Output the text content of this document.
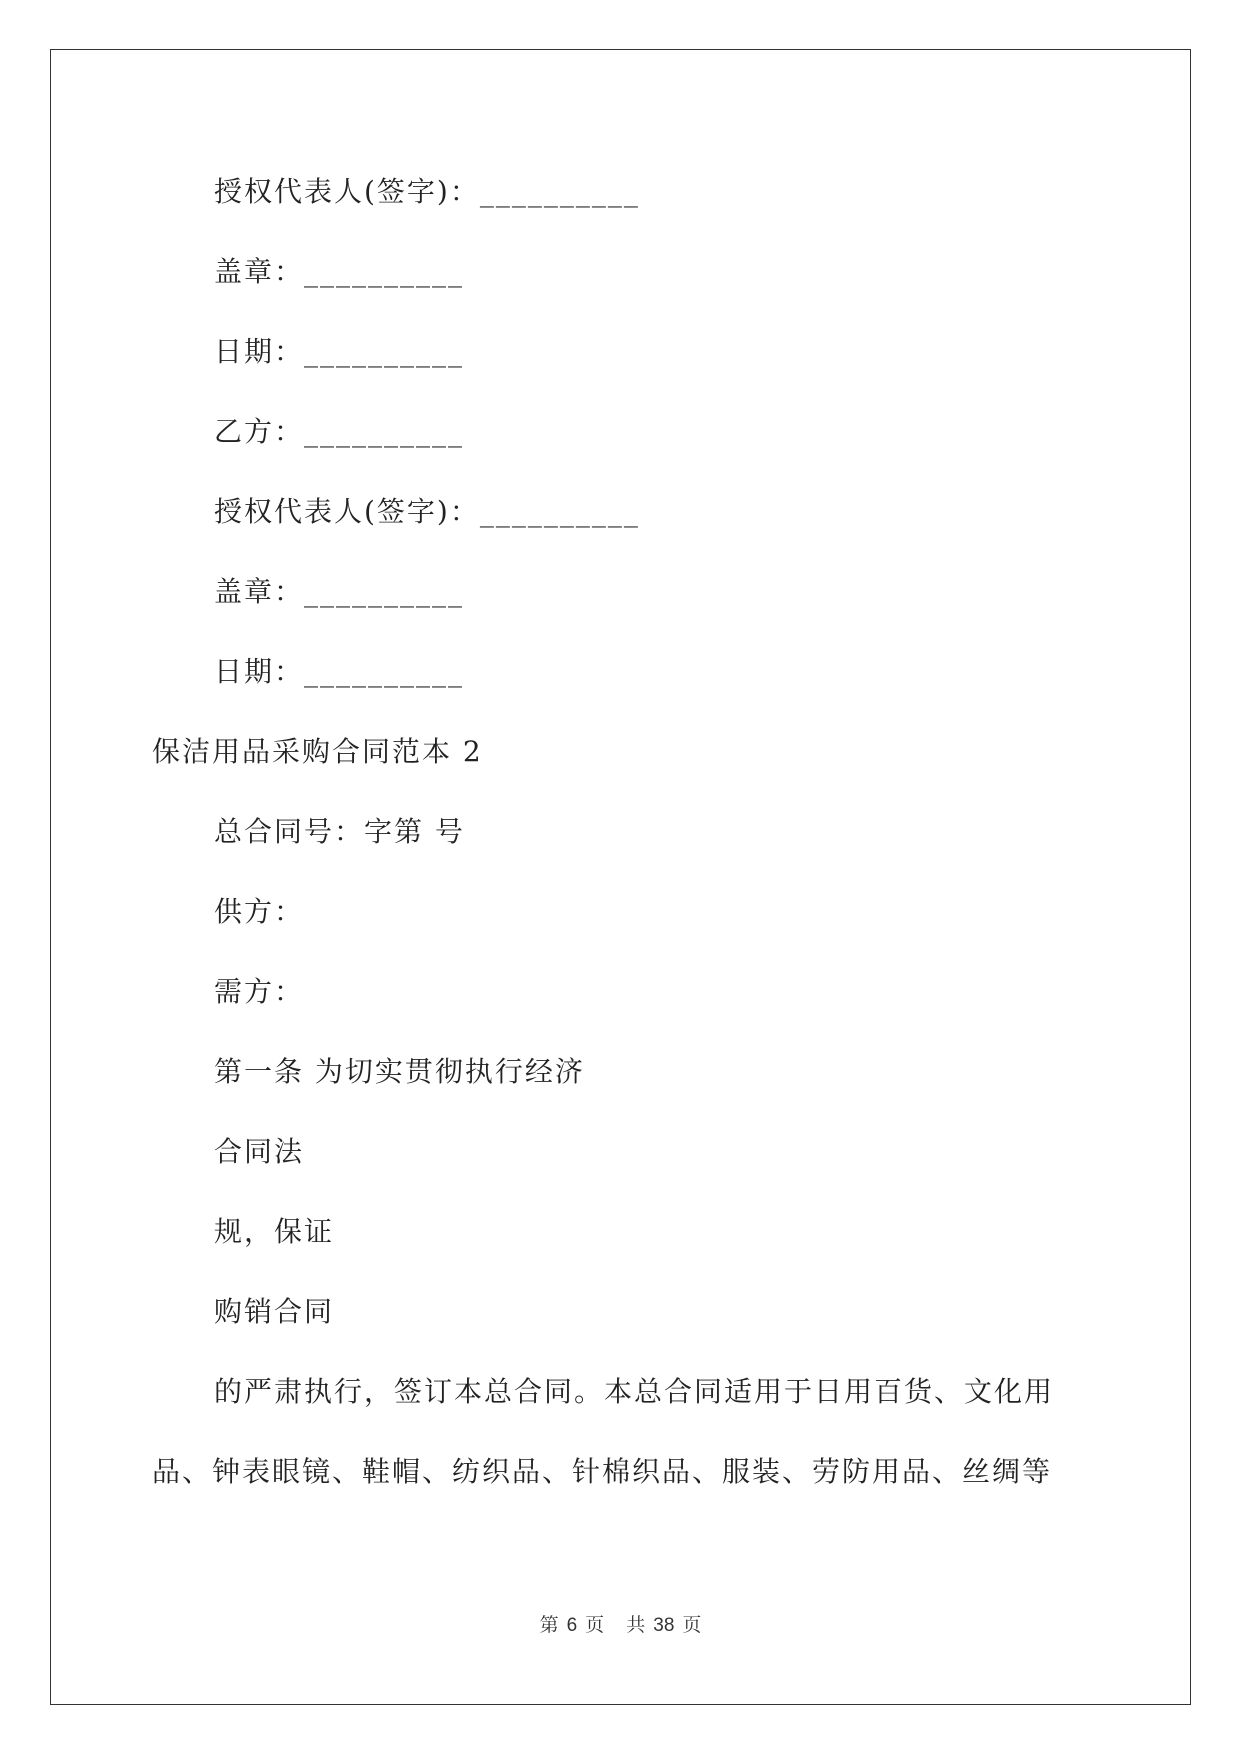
授权代表人(签字)：__________
盖章：__________
日期：__________
乙方：__________
授权代表人(签字)：__________
盖章：__________
日期：__________
保洁用品采购合同范本 2
总合同号：字第 号
供方：
需方：
第一条 为切实贯彻执行经济
合同法
规，保证
购销合同
的严肃执行，签订本总合同。本总合同适用于日用百货、文化用
品、钟表眼镜、鞋帽、纺织品、针棉织品、服装、劳防用品、丝绸等
第 6 页 共 38 页
